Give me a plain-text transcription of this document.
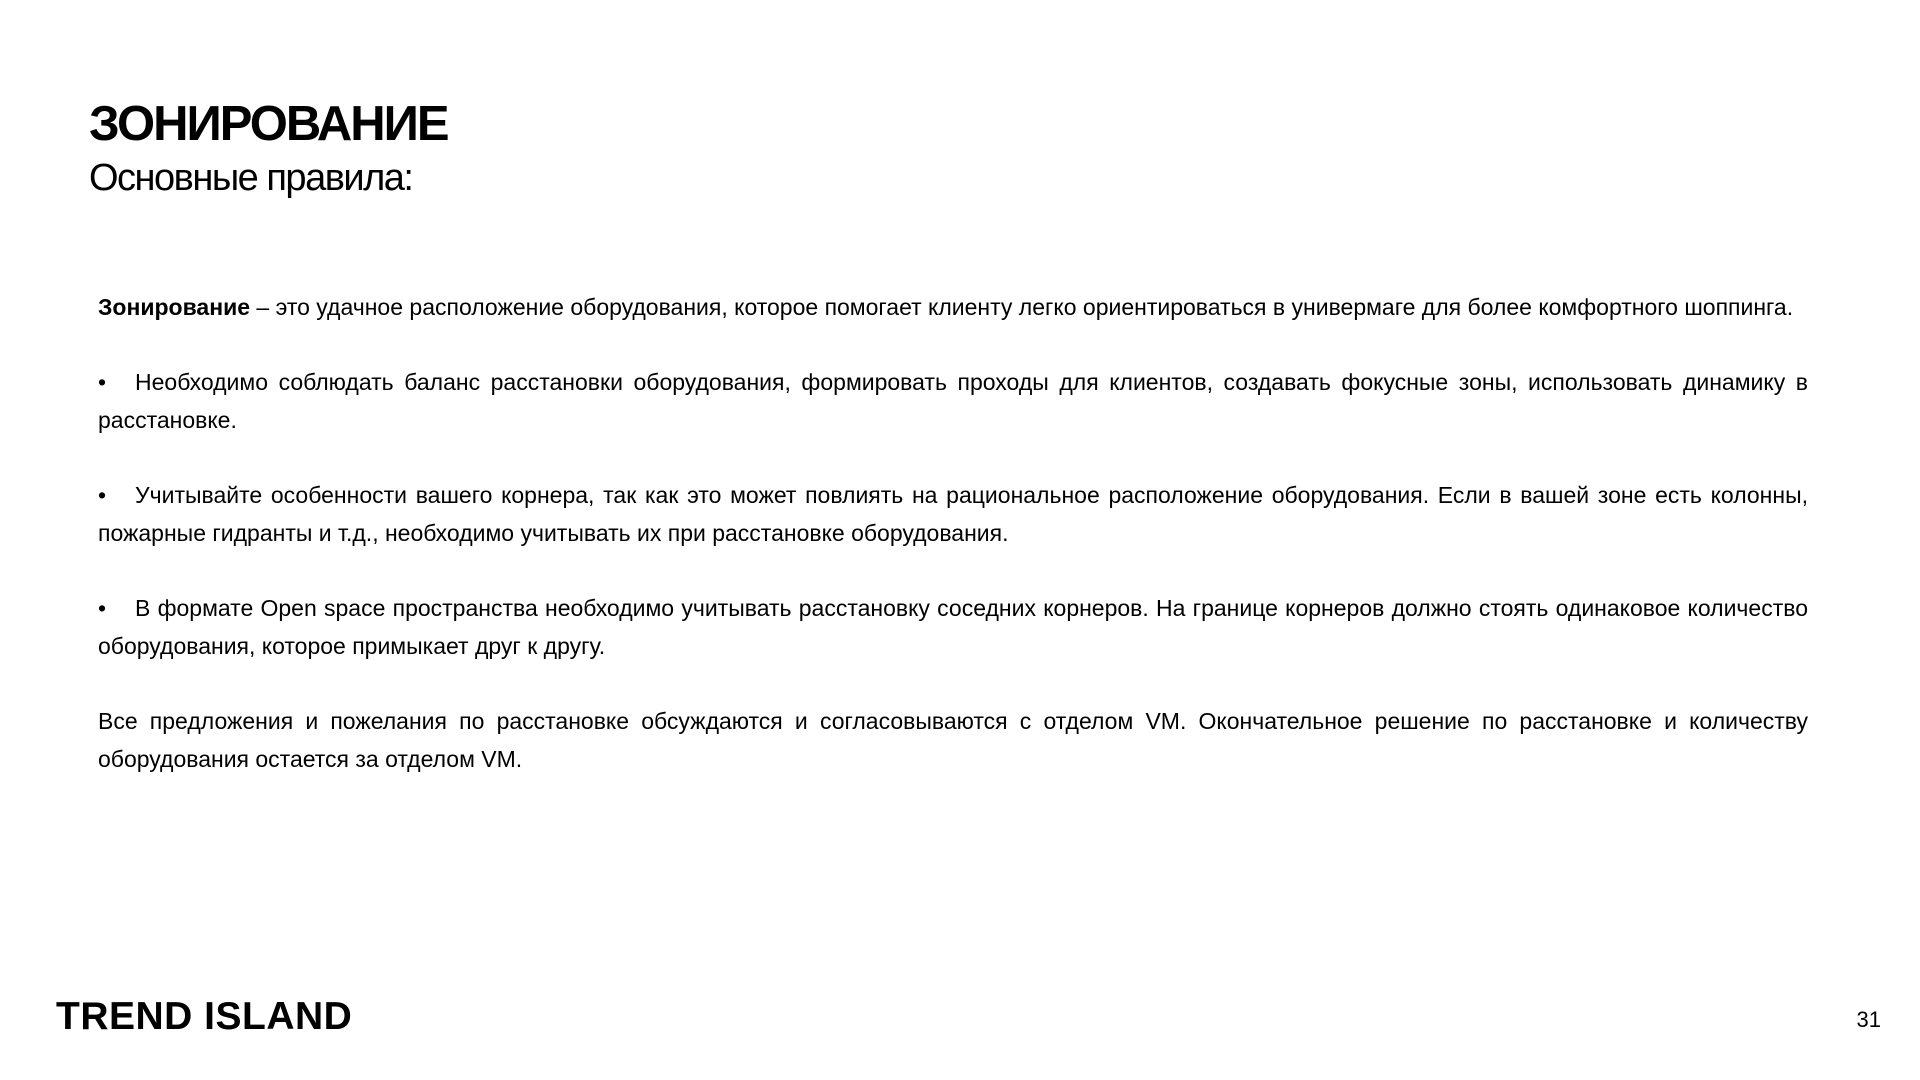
ЗОНИРОВАНИЕ
Основные правила:

Зонирование – это удачное расположение оборудования, которое помогает клиенту легко ориентироваться в универмаге для более комфортного шоппинга.

• Необходимо соблюдать баланс расстановки оборудования, формировать проходы для клиентов, создавать фокусные зоны, использовать динамику в расстановке.

• Учитывайте особенности вашего корнера, так как это может повлиять на рациональное расположение оборудования. Если в вашей зоне есть колонны, пожарные гидранты и т.д., необходимо учитывать их при расстановке оборудования.

• В формате Open space пространства необходимо учитывать расстановку соседних корнеров. На границе корнеров должно стоять одинаковое количество оборудования, которое примыкает друг к другу.

Все предложения и пожелания по расстановке обсуждаются и согласовываются с отделом VM. Окончательное решение по расстановке и количеству оборудования остается за отделом VM.

TREND ISLAND	31
